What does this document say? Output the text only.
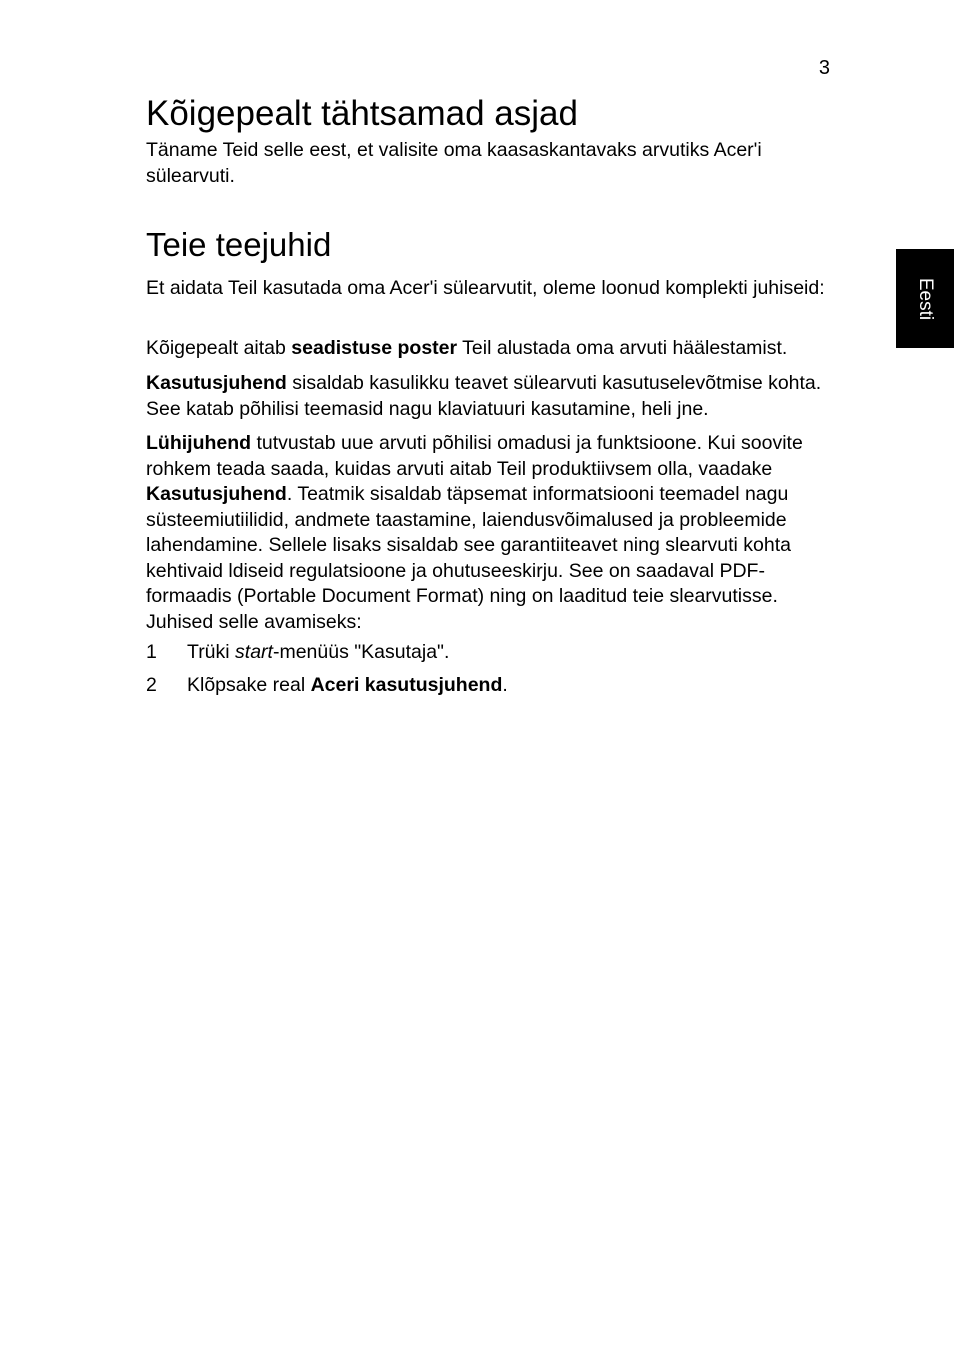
3
Eesti
Kõigepealt tähtsamad asjad

Täname Teid selle eest, et valisite oma kaasaskantavaks arvutiks Acer'i sülearvuti.

Teie teejuhid

Et aidata Teil kasutada oma Acer'i sülearvutit, oleme loonud komplekti juhiseid:

Kõigepealt aitab seadistuse poster Teil alustada oma arvuti häälestamist.

Kasutusjuhend sisaldab kasulikku teavet sülearvuti kasutuselevõtmise kohta. See katab põhilisi teemasid nagu klaviatuuri kasutamine, heli jne.

Lühijuhend tutvustab uue arvuti põhilisi omadusi ja funktsioone. Kui soovite rohkem teada saada, kuidas arvuti aitab Teil produktiivsem olla, vaadake Kasutusjuhend. Teatmik sisaldab täpsemat informatsiooni teemadel nagu süsteemiutiilidid, andmete taastamine, laiendusvõimalused ja probleemide lahendamine. Sellele lisaks sisaldab see garantiiteavet ning slearvuti kohta kehtivaid ldiseid regulatsioone ja ohutuseeskirju. See on saadaval PDF-formaadis (Portable Document Format) ning on laaditud teie slearvutisse. Juhised selle avamiseks:

1 Trüki start-menüüs "Kasutaja".
2 Klõpsake real Aceri kasutusjuhend.
